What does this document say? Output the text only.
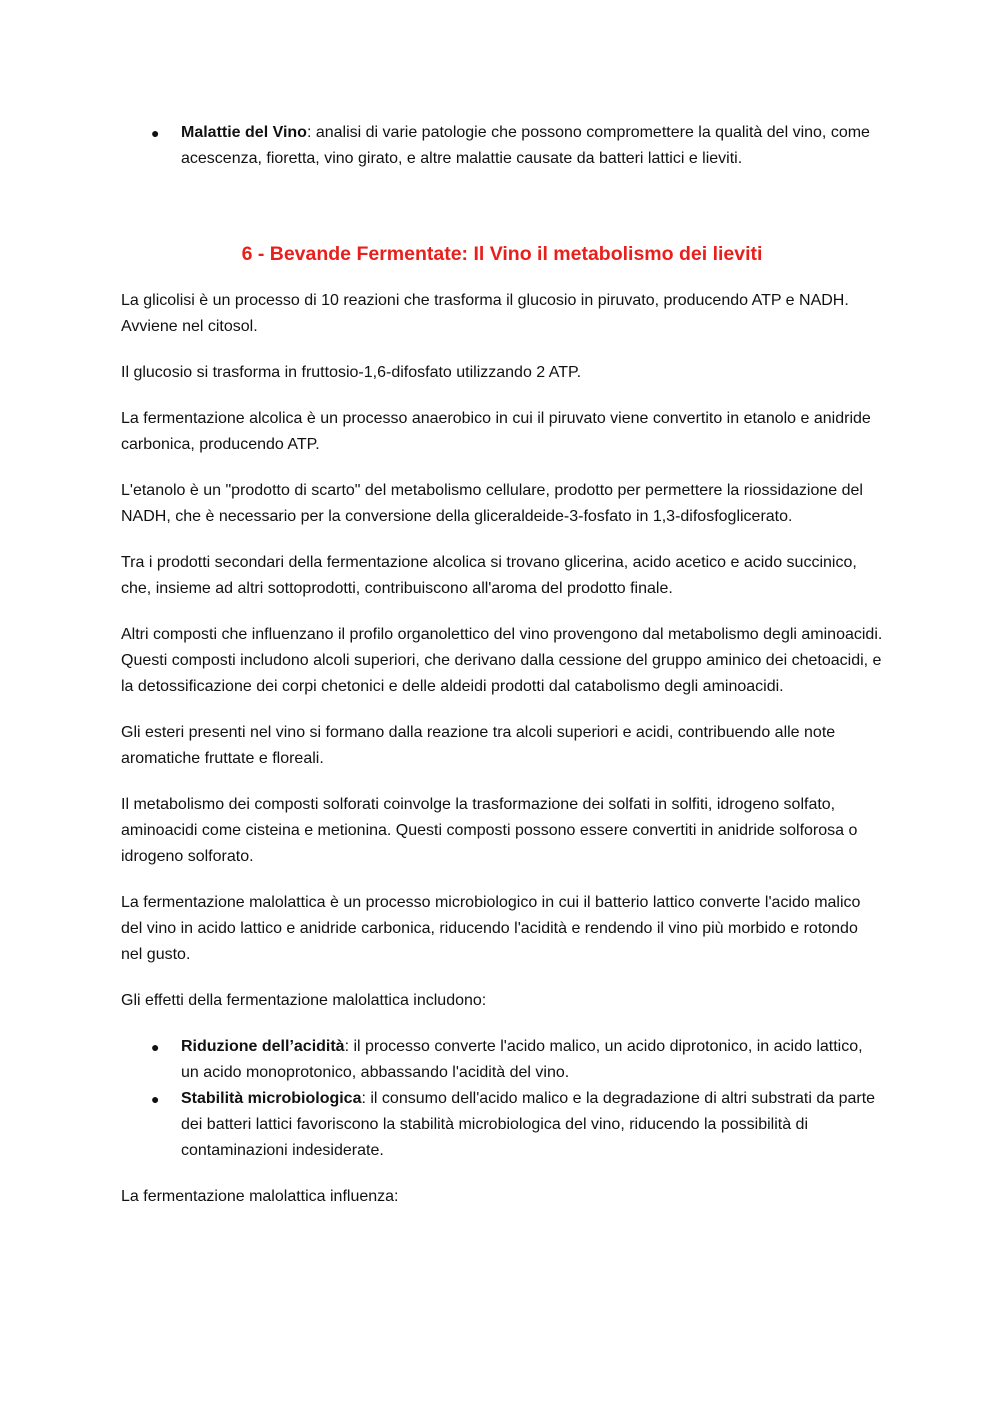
● Malattie del Vino: analisi di varie patologie che possono compromettere la qualità del vino, come acescenza, fioretta, vino girato, e altre malattie causate da batteri lattici e lieviti.
6 - Bevande Fermentate: Il Vino il metabolismo dei lieviti

La glicolisi è un processo di 10 reazioni che trasforma il glucosio in piruvato, producendo ATP e NADH. Avviene nel citosol.

Il glucosio si trasforma in fruttosio-1,6-difosfato utilizzando 2 ATP.

La fermentazione alcolica è un processo anaerobico in cui il piruvato viene convertito in etanolo e anidride carbonica, producendo ATP.

L'etanolo è un "prodotto di scarto" del metabolismo cellulare, prodotto per permettere la riossidazione del NADH, che è necessario per la conversione della gliceraldeide-3-fosfato in 1,3-difosfoglicerato.

Tra i prodotti secondari della fermentazione alcolica si trovano glicerina, acido acetico e acido succinico, che, insieme ad altri sottoprodotti, contribuiscono all'aroma del prodotto finale.

Altri composti che influenzano il profilo organolettico del vino provengono dal metabolismo degli aminoacidi. Questi composti includono alcoli superiori, che derivano dalla cessione del gruppo aminico dei chetoacidi, e la detossificazione dei corpi chetonici e delle aldeidi prodotti dal catabolismo degli aminoacidi.

Gli esteri presenti nel vino si formano dalla reazione tra alcoli superiori e acidi, contribuendo alle note aromatiche fruttate e floreali.

Il metabolismo dei composti solforati coinvolge la trasformazione dei solfati in solfiti, idrogeno solfato, aminoacidi come cisteina e metionina. Questi composti possono essere convertiti in anidride solforosa o idrogeno solforato.

La fermentazione malolattica è un processo microbiologico in cui il batterio lattico converte l'acido malico del vino in acido lattico e anidride carbonica, riducendo l'acidità e rendendo il vino più morbido e rotondo nel gusto.

Gli effetti della fermentazione malolattica includono:

● Riduzione dell’acidità: il processo converte l'acido malico, un acido diprotonico, in acido lattico, un acido monoprotonico, abbassando l'acidità del vino.
● Stabilità microbiologica: il consumo dell'acido malico e la degradazione di altri substrati da parte dei batteri lattici favoriscono la stabilità microbiologica del vino, riducendo la possibilità di contaminazioni indesiderate.

La fermentazione malolattica influenza:
